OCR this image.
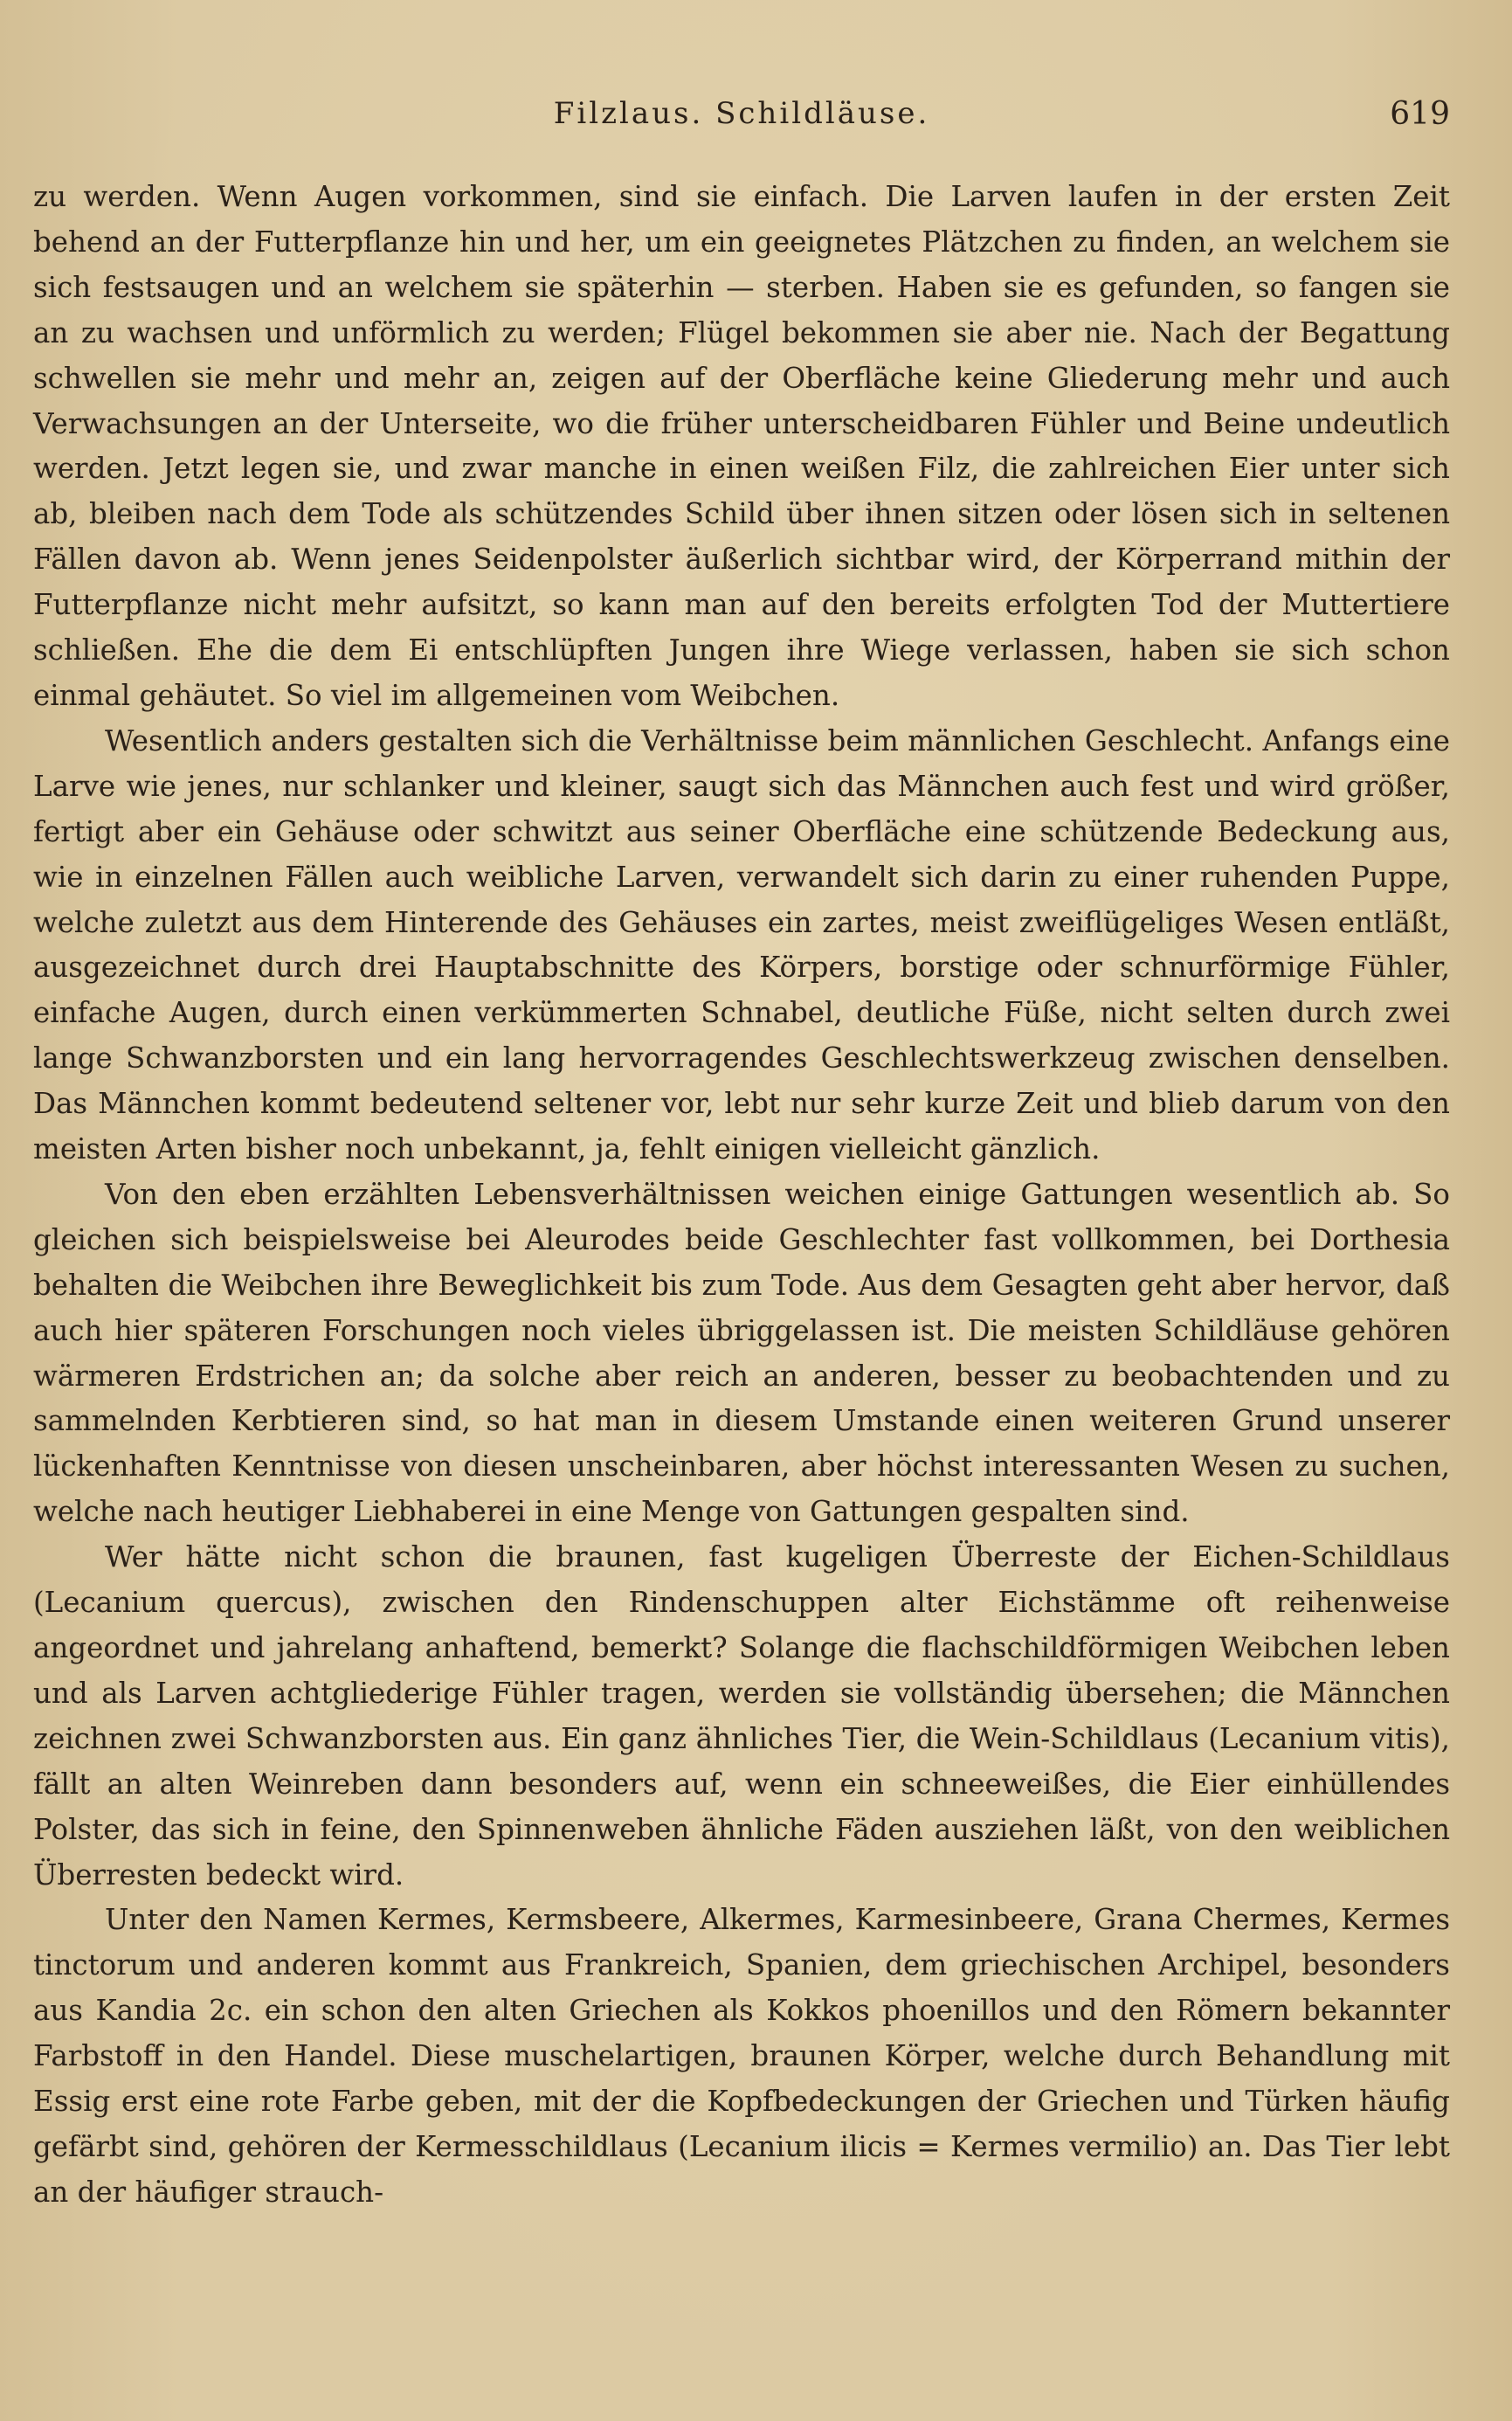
Filzlaus. Schildläuse.	619

zu werden. Wenn Augen vorkommen, sind sie einfach. Die Larven laufen in der ersten Zeit behend an der Futterpflanze hin und her, um ein geeignetes Plätzchen zu finden, an welchem sie sich festsaugen und an welchem sie späterhin — sterben. Haben sie es gefunden, so fangen sie an zu wachsen und unförmlich zu werden; Flügel bekommen sie aber nie. Nach der Begattung schwellen sie mehr und mehr an, zeigen auf der Oberfläche keine Gliederung mehr und auch Verwachsungen an der Unterseite, wo die früher unterscheidbaren Fühler und Beine undeutlich werden. Jetzt legen sie, und zwar manche in einen weißen Filz, die zahlreichen Eier unter sich ab, bleiben nach dem Tode als schützendes Schild über ihnen sitzen oder lösen sich in seltenen Fällen davon ab. Wenn jenes Seidenpolster äußerlich sichtbar wird, der Körperrand mithin der Futterpflanze nicht mehr aufsitzt, so kann man auf den bereits erfolgten Tod der Muttertiere schließen. Ehe die dem Ei entschlüpften Jungen ihre Wiege verlassen, haben sie sich schon einmal gehäutet. So viel im allgemeinen vom Weibchen.

Wesentlich anders gestalten sich die Verhältnisse beim männlichen Geschlecht. Anfangs eine Larve wie jenes, nur schlanker und kleiner, saugt sich das Männchen auch fest und wird größer, fertigt aber ein Gehäuse oder schwitzt aus seiner Oberfläche eine schützende Bedeckung aus, wie in einzelnen Fällen auch weibliche Larven, verwandelt sich darin zu einer ruhenden Puppe, welche zuletzt aus dem Hinterende des Gehäuses ein zartes, meist zweiflügeliges Wesen entläßt, ausgezeichnet durch drei Hauptabschnitte des Körpers, borstige oder schnurförmige Fühler, einfache Augen, durch einen verkümmerten Schnabel, deutliche Füße, nicht selten durch zwei lange Schwanzborsten und ein lang hervorragendes Geschlechtswerkzeug zwischen denselben. Das Männchen kommt bedeutend seltener vor, lebt nur sehr kurze Zeit und blieb darum von den meisten Arten bisher noch unbekannt, ja, fehlt einigen vielleicht gänzlich.

Von den eben erzählten Lebensverhältnissen weichen einige Gattungen wesentlich ab. So gleichen sich beispielsweise bei Aleurodes beide Geschlechter fast vollkommen, bei Dorthesia behalten die Weibchen ihre Beweglichkeit bis zum Tode. Aus dem Gesagten geht aber hervor, daß auch hier späteren Forschungen noch vieles übriggelassen ist. Die meisten Schildläuse gehören wärmeren Erdstrichen an; da solche aber reich an anderen, besser zu beobachtenden und zu sammelnden Kerbtieren sind, so hat man in diesem Umstande einen weiteren Grund unserer lückenhaften Kenntnisse von diesen unscheinbaren, aber höchst interessanten Wesen zu suchen, welche nach heutiger Liebhaberei in eine Menge von Gattungen gespalten sind.

Wer hätte nicht schon die braunen, fast kugeligen Überreste der Eichen-Schildlaus (Lecanium quercus), zwischen den Rindenschuppen alter Eichstämme oft reihenweise angeordnet und jahrelang anhaftend, bemerkt? Solange die flachschildförmigen Weibchen leben und als Larven achtgliederige Fühler tragen, werden sie vollständig übersehen; die Männchen zeichnen zwei Schwanzborsten aus. Ein ganz ähnliches Tier, die Wein-Schildlaus (Lecanium vitis), fällt an alten Weinreben dann besonders auf, wenn ein schneeweißes, die Eier einhüllendes Polster, das sich in feine, den Spinnenweben ähnliche Fäden ausziehen läßt, von den weiblichen Überresten bedeckt wird.

Unter den Namen Kermes, Kermsbeere, Alkermes, Karmesinbeere, Grana Chermes, Kermes tinctorum und anderen kommt aus Frankreich, Spanien, dem griechischen Archipel, besonders aus Kandia 2c. ein schon den alten Griechen als Kokkos phoenillos und den Römern bekannter Farbstoff in den Handel. Diese muschelartigen, braunen Körper, welche durch Behandlung mit Essig erst eine rote Farbe geben, mit der die Kopfbedeckungen der Griechen und Türken häufig gefärbt sind, gehören der Kermesschildlaus (Lecanium ilicis = Kermes vermilio) an. Das Tier lebt an der häufiger strauch-
